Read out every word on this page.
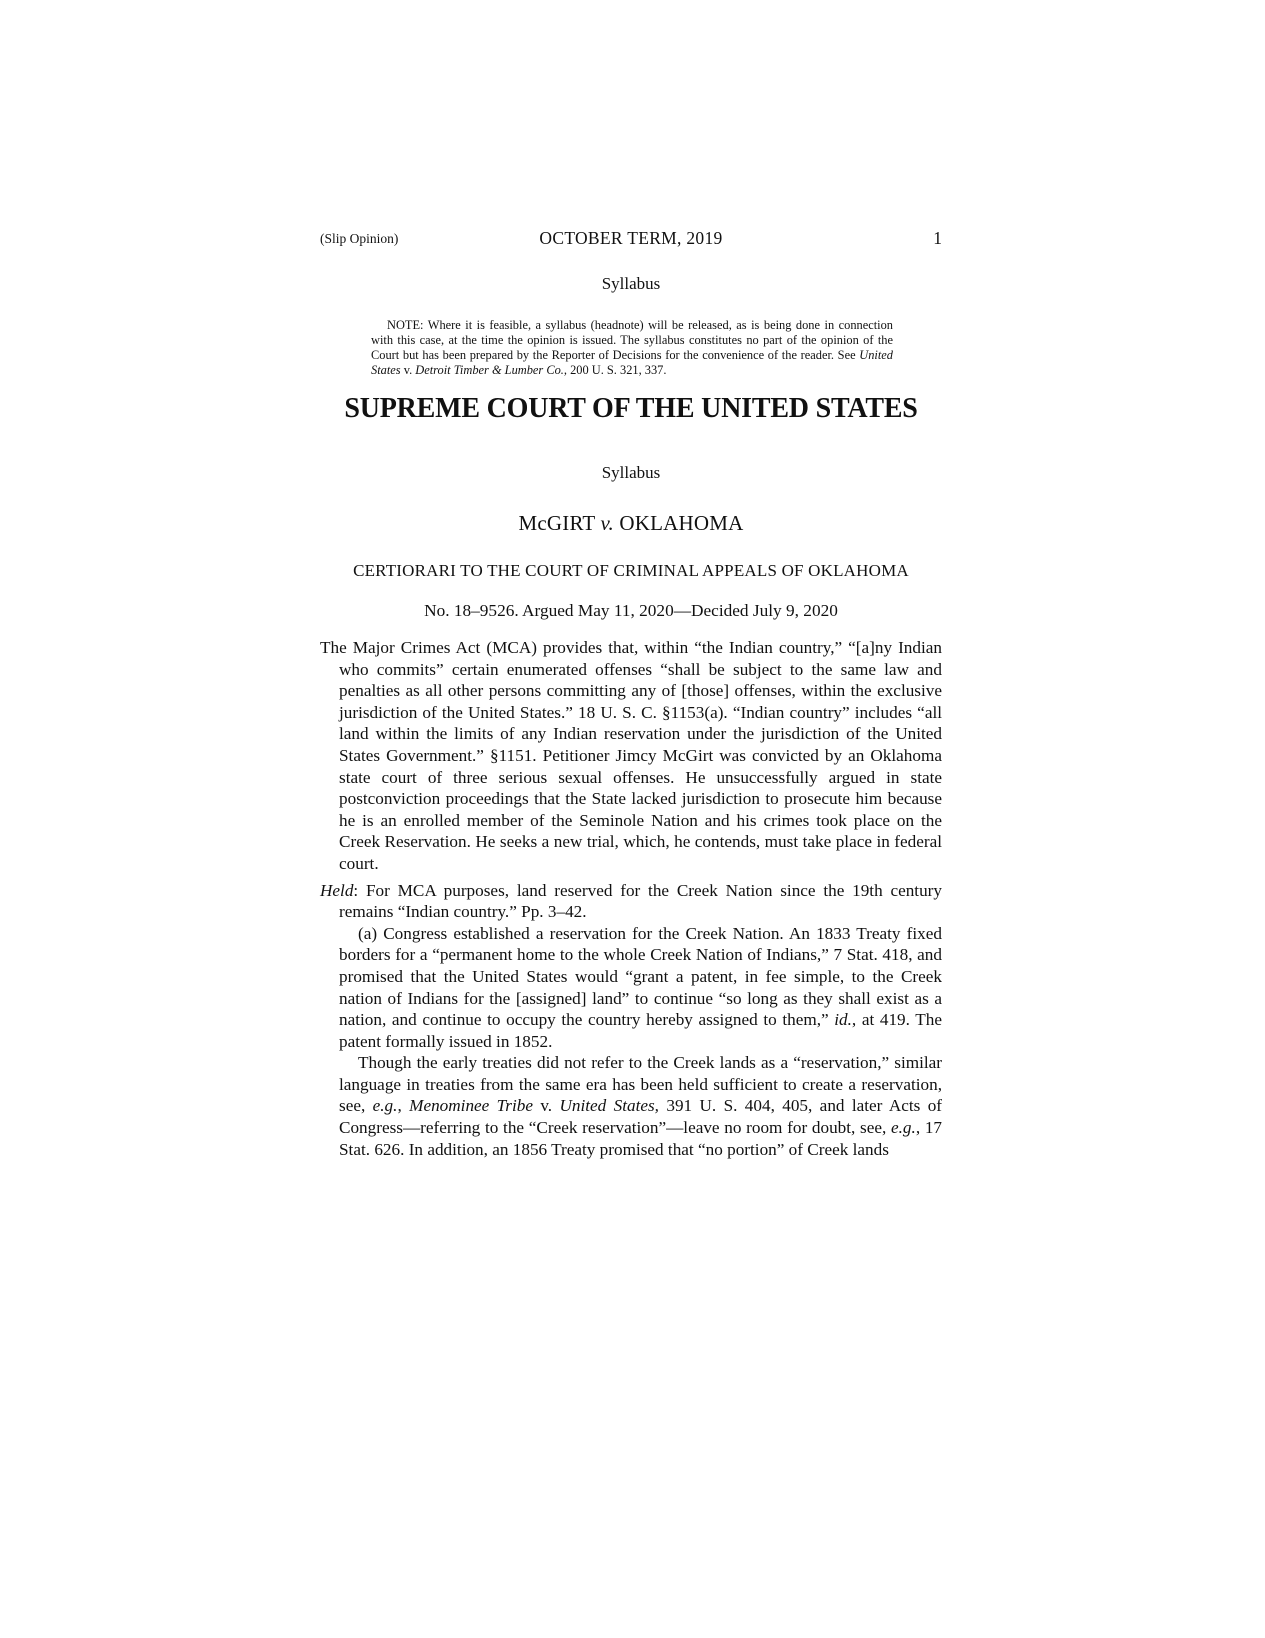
(Slip Opinion)	OCTOBER TERM, 2019	1
Syllabus

NOTE: Where it is feasible, a syllabus (headnote) will be released, as is being done in connection with this case, at the time the opinion is issued. The syllabus constitutes no part of the opinion of the Court but has been prepared by the Reporter of Decisions for the convenience of the reader. See United States v. Detroit Timber & Lumber Co., 200 U. S. 321, 337.

SUPREME COURT OF THE UNITED STATES
Syllabus
McGIRT v. OKLAHOMA
CERTIORARI TO THE COURT OF CRIMINAL APPEALS OF OKLAHOMA
No. 18–9526. Argued May 11, 2020—Decided July 9, 2020

The Major Crimes Act (MCA) provides that, within “the Indian country,” “[a]ny Indian who commits” certain enumerated offenses “shall be subject to the same law and penalties as all other persons committing any of [those] offenses, within the exclusive jurisdiction of the United States.” 18 U. S. C. §1153(a). “Indian country” includes “all land within the limits of any Indian reservation under the jurisdiction of the United States Government.” §1151. Petitioner Jimcy McGirt was convicted by an Oklahoma state court of three serious sexual offenses. He unsuccessfully argued in state postconviction proceedings that the State lacked jurisdiction to prosecute him because he is an enrolled member of the Seminole Nation and his crimes took place on the Creek Reservation. He seeks a new trial, which, he contends, must take place in federal court.

Held: For MCA purposes, land reserved for the Creek Nation since the 19th century remains “Indian country.” Pp. 3–42.

(a) Congress established a reservation for the Creek Nation. An 1833 Treaty fixed borders for a “permanent home to the whole Creek Nation of Indians,” 7 Stat. 418, and promised that the United States would “grant a patent, in fee simple, to the Creek nation of Indians for the [assigned] land” to continue “so long as they shall exist as a nation, and continue to occupy the country hereby assigned to them,” id., at 419. The patent formally issued in 1852.

Though the early treaties did not refer to the Creek lands as a “reservation,” similar language in treaties from the same era has been held sufficient to create a reservation, see, e.g., Menominee Tribe v. United States, 391 U. S. 404, 405, and later Acts of Congress—referring to the “Creek reservation”—leave no room for doubt, see, e.g., 17 Stat. 626. In addition, an 1856 Treaty promised that “no portion” of Creek lands
